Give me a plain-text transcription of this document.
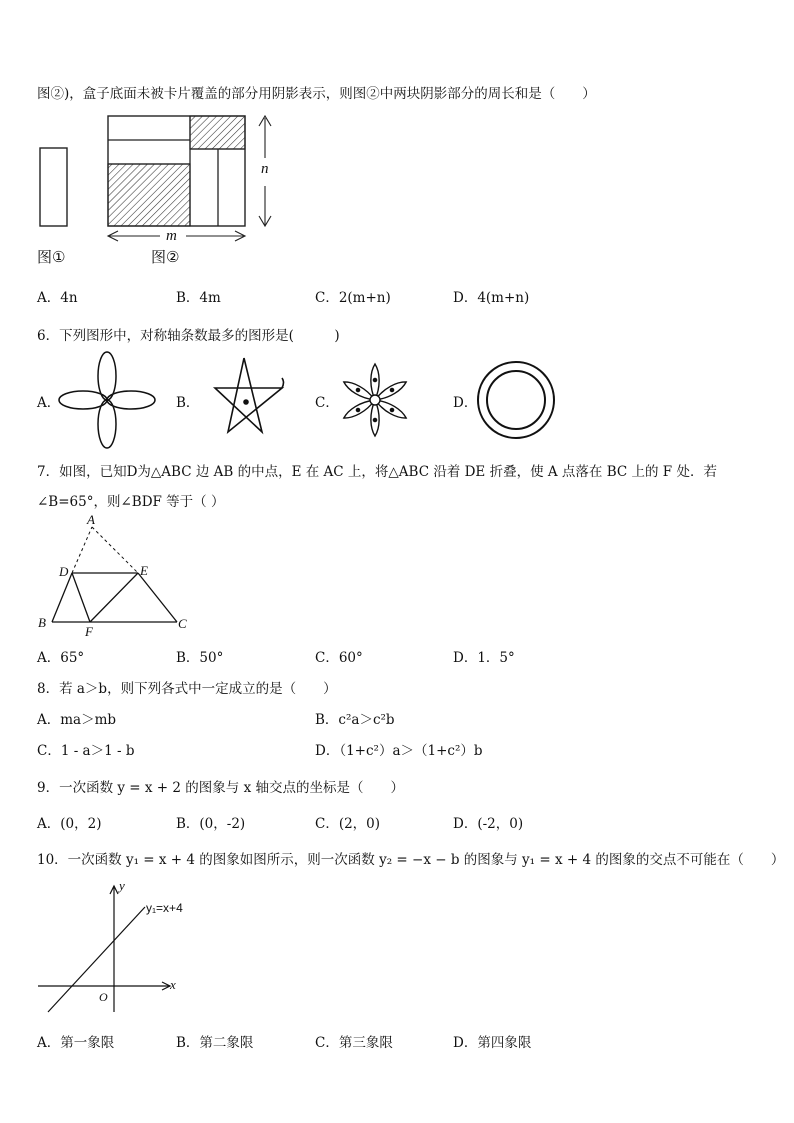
图②)，盒子底面未被卡片覆盖的部分用阴影表示，则图②中两块阴影部分的周长和是（　　）
n
m
图①	图②
A．4n	B．4m	C．2(m+n)	D．4(m+n)
6．下列图形中，对称轴条数最多的图形是(　　　)
A．	B．	C．	D．
7．如图，已知D为△ABC 边 AB 的中点，E 在 AC 上，将△ABC 沿着 DE 折叠，使 A 点落在 BC 上的 F 处．若
∠B=65°，则∠BDF 等于（ ）
A
D	E
B
F
C
A．65°	B．50°	C．60°	D．1．5°
8．若 a＞b，则下列各式中一定成立的是（　　）
A．ma＞mb	B．c²a＞c²b
C．1 - a＞1 - b	D．（1+c²）a＞（1+c²）b
9．一次函数 y = x + 2 的图象与 x 轴交点的坐标是（　　）
A．(0，2)	B．(0，-2)	C．(2，0)	D．(-2，0)
10．一次函数 y₁ = x + 4 的图象如图所示，则一次函数 y₂ = −x − b 的图象与 y₁ = x + 4 的图象的交点不可能在（　　）
y
x
O
y₁=x+4
A．第一象限	B．第二象限	C．第三象限	D．第四象限
